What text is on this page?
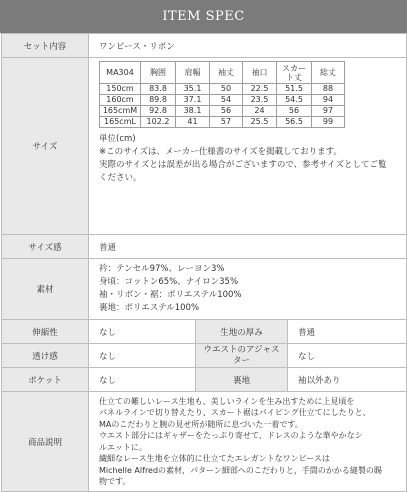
ITEM SPEC
セット内容	ワンピース・リボン
サイズ	
MA304	胸囲	肩幅	袖丈	袖口	スカート丈	総丈
150cm	83.8	35.1	50	22.5	51.5	88
160cm	89.8	37.1	54	23.5	54.5	94
165cmM	92.8	38.1	56	24	56	97
165cmL	102.2	41	57	25.5	56.5	99
単位(cm)
※このサイズは、メーカー仕様書のサイズを掲載しております。
実際のサイズとは誤差が出る場合がございますので、参考サイズとしてご覧
ください。

サイズ感	普通
素材	
衿：テンセル97%、レーヨン3%
身頃：コットン65%、ナイロン35%
袖・リボン・裾：ポリエステル100%
裏地：ポリエステル100%

伸縮性	なし	生地の厚み	普通
透け感	なし	ウエストのアジャスター	なし
ポケット	なし	裏地	袖以外あり
商品説明	
仕立ての難しいレース生地も、美しいラインを生み出すために上見頃を
パネルラインで切り替えたり、スカート裾はパイピング仕立てにしたりと、
MAのこだわりと腕の見せ所が随所に息づいた一着です。
ウエスト部分にはギャザーをたっぷり寄せて、ドレスのような華やかなシ
ルエットに。
繊細なレース生地を立体的に仕立てたエレガントなワンピースは
Michelle Alfredの素材，パターン細部へのこだわりと，手間のかかる縫製の賜
物です。
